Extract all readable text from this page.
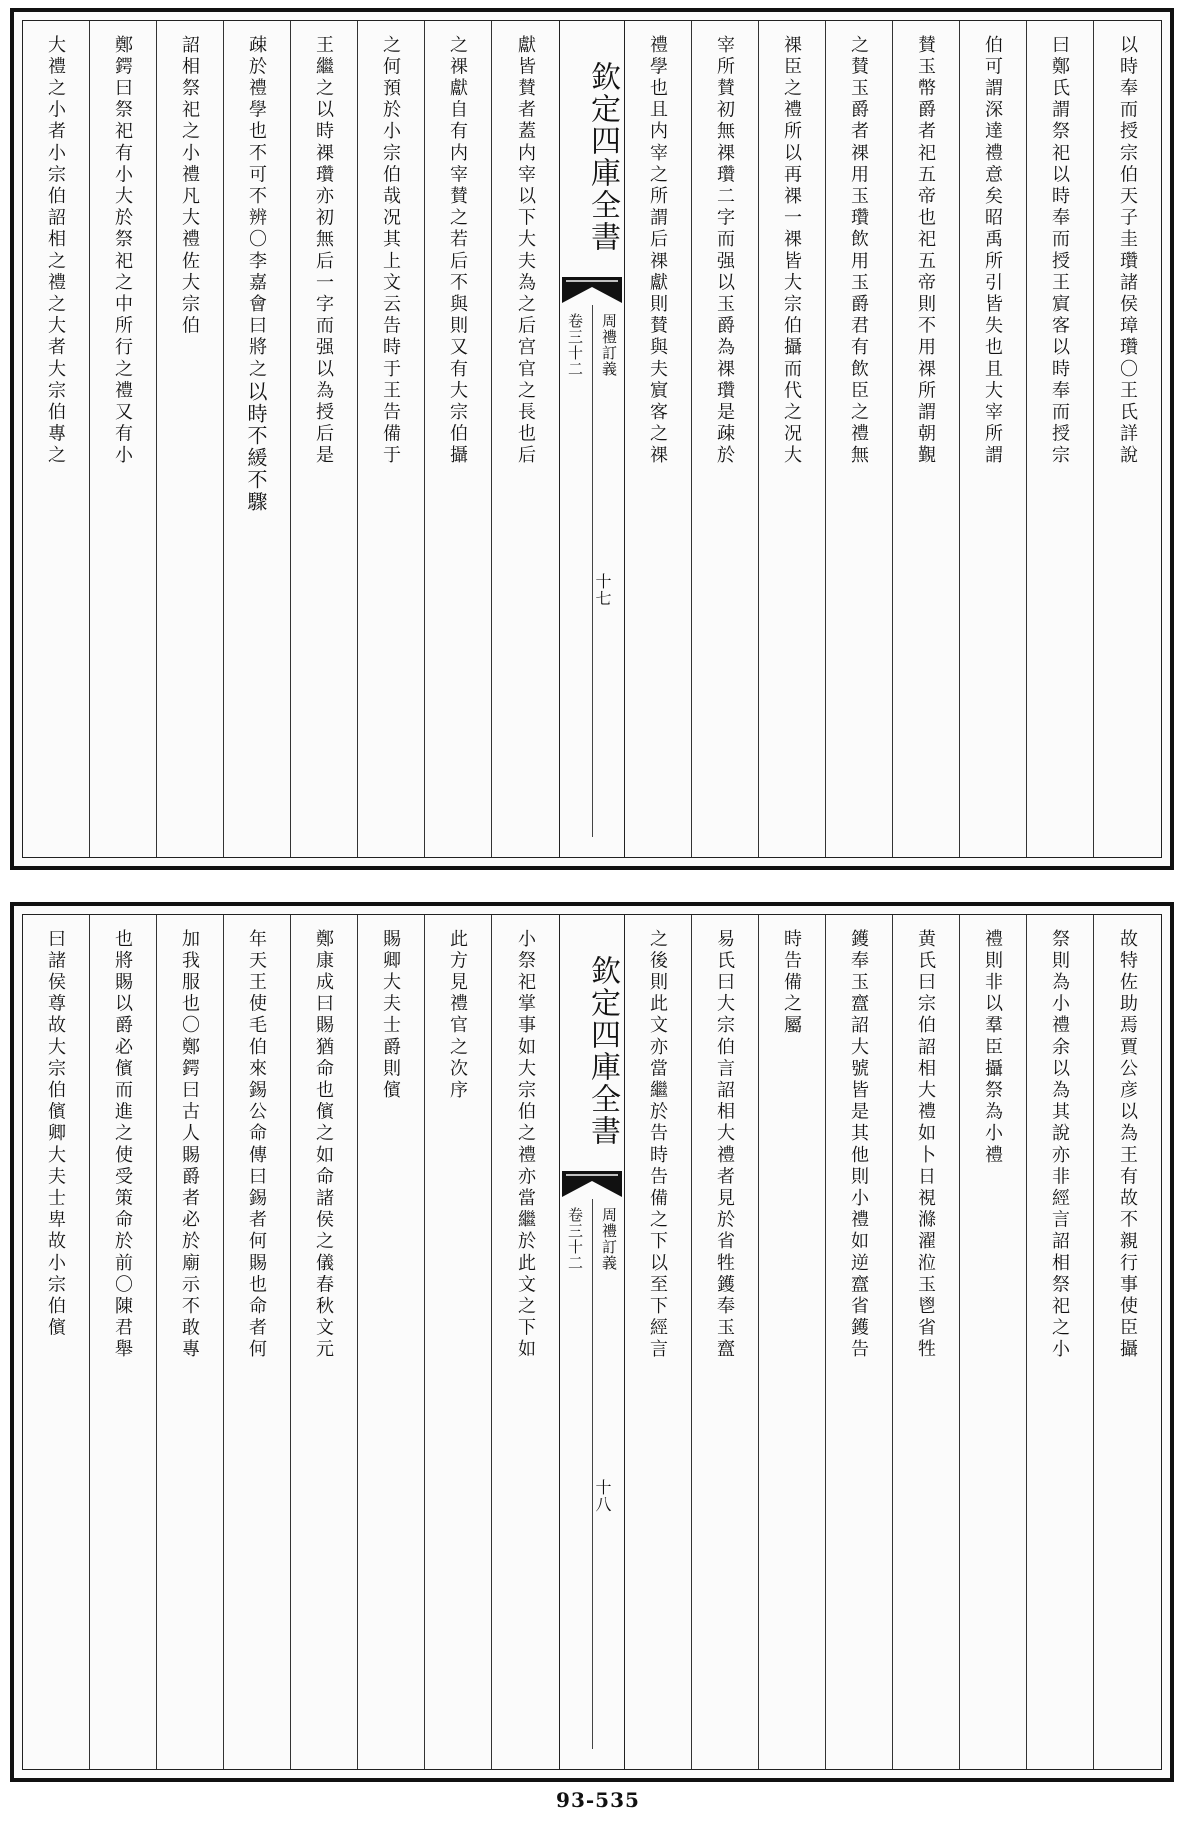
以時奉而授宗伯天子圭瓚諸侯璋瓚〇王氏詳說
曰鄭氏謂祭祀以時奉而授王賔客以時奉而授宗
伯可謂深達禮意矣昭禹所引皆失也且大宰所謂
賛玉幣爵者祀五帝也祀五帝則不用祼所謂朝覲
之賛玉爵者祼用玉瓚飲用玉爵君有飲臣之禮無
祼臣之禮所以再祼一祼皆大宗伯攝而代之况大
宰所賛初無祼瓚二字而强以玉爵為祼瓚是疎於
禮學也且内宰之所謂后祼獻則賛與夫賔客之祼
欽定四庫全書
周禮訂義
卷三十二
十七
獻皆賛者蓋内宰以下大夫為之后宫官之長也后
之祼獻自有内宰賛之若后不與則又有大宗伯攝
之何預於小宗伯哉况其上文云告時于王告備于
王繼之以時祼瓚亦初無后一字而强以為授后是
疎於禮學也不可不辨〇李嘉會曰將之以時不緩不驟
詔相祭祀之小禮凡大禮佐大宗伯
鄭鍔曰祭祀有小大於祭祀之中所行之禮又有小
大禮之小者小宗伯詔相之禮之大者大宗伯專之
故特佐助焉賈公彦以為王有故不親行事使臣攝
祭則為小禮余以為其說亦非經言詔相祭祀之小
禮則非以羣臣攝祭為小禮
黄氏曰宗伯詔相大禮如卜日視滌濯涖玉鬯省牲
鑊奉玉齍詔大號皆是其他則小禮如逆齍省鑊告
時告備之屬
易氏曰大宗伯言詔相大禮者見於省牲鑊奉玉齍
之後則此文亦當繼於告時告備之下以至下經言
欽定四庫全書
周禮訂義
卷三十二
十八
小祭祀掌事如大宗伯之禮亦當繼於此文之下如
此方見禮官之次序
賜卿大夫士爵則儐
鄭康成曰賜猶命也儐之如命諸侯之儀春秋文元
年天王使毛伯來錫公命傳曰錫者何賜也命者何
加我服也〇鄭鍔曰古人賜爵者必於廟示不敢專
也將賜以爵必儐而進之使受策命於前〇陳君舉
曰諸侯尊故大宗伯儐卿大夫士卑故小宗伯儐
93-535
